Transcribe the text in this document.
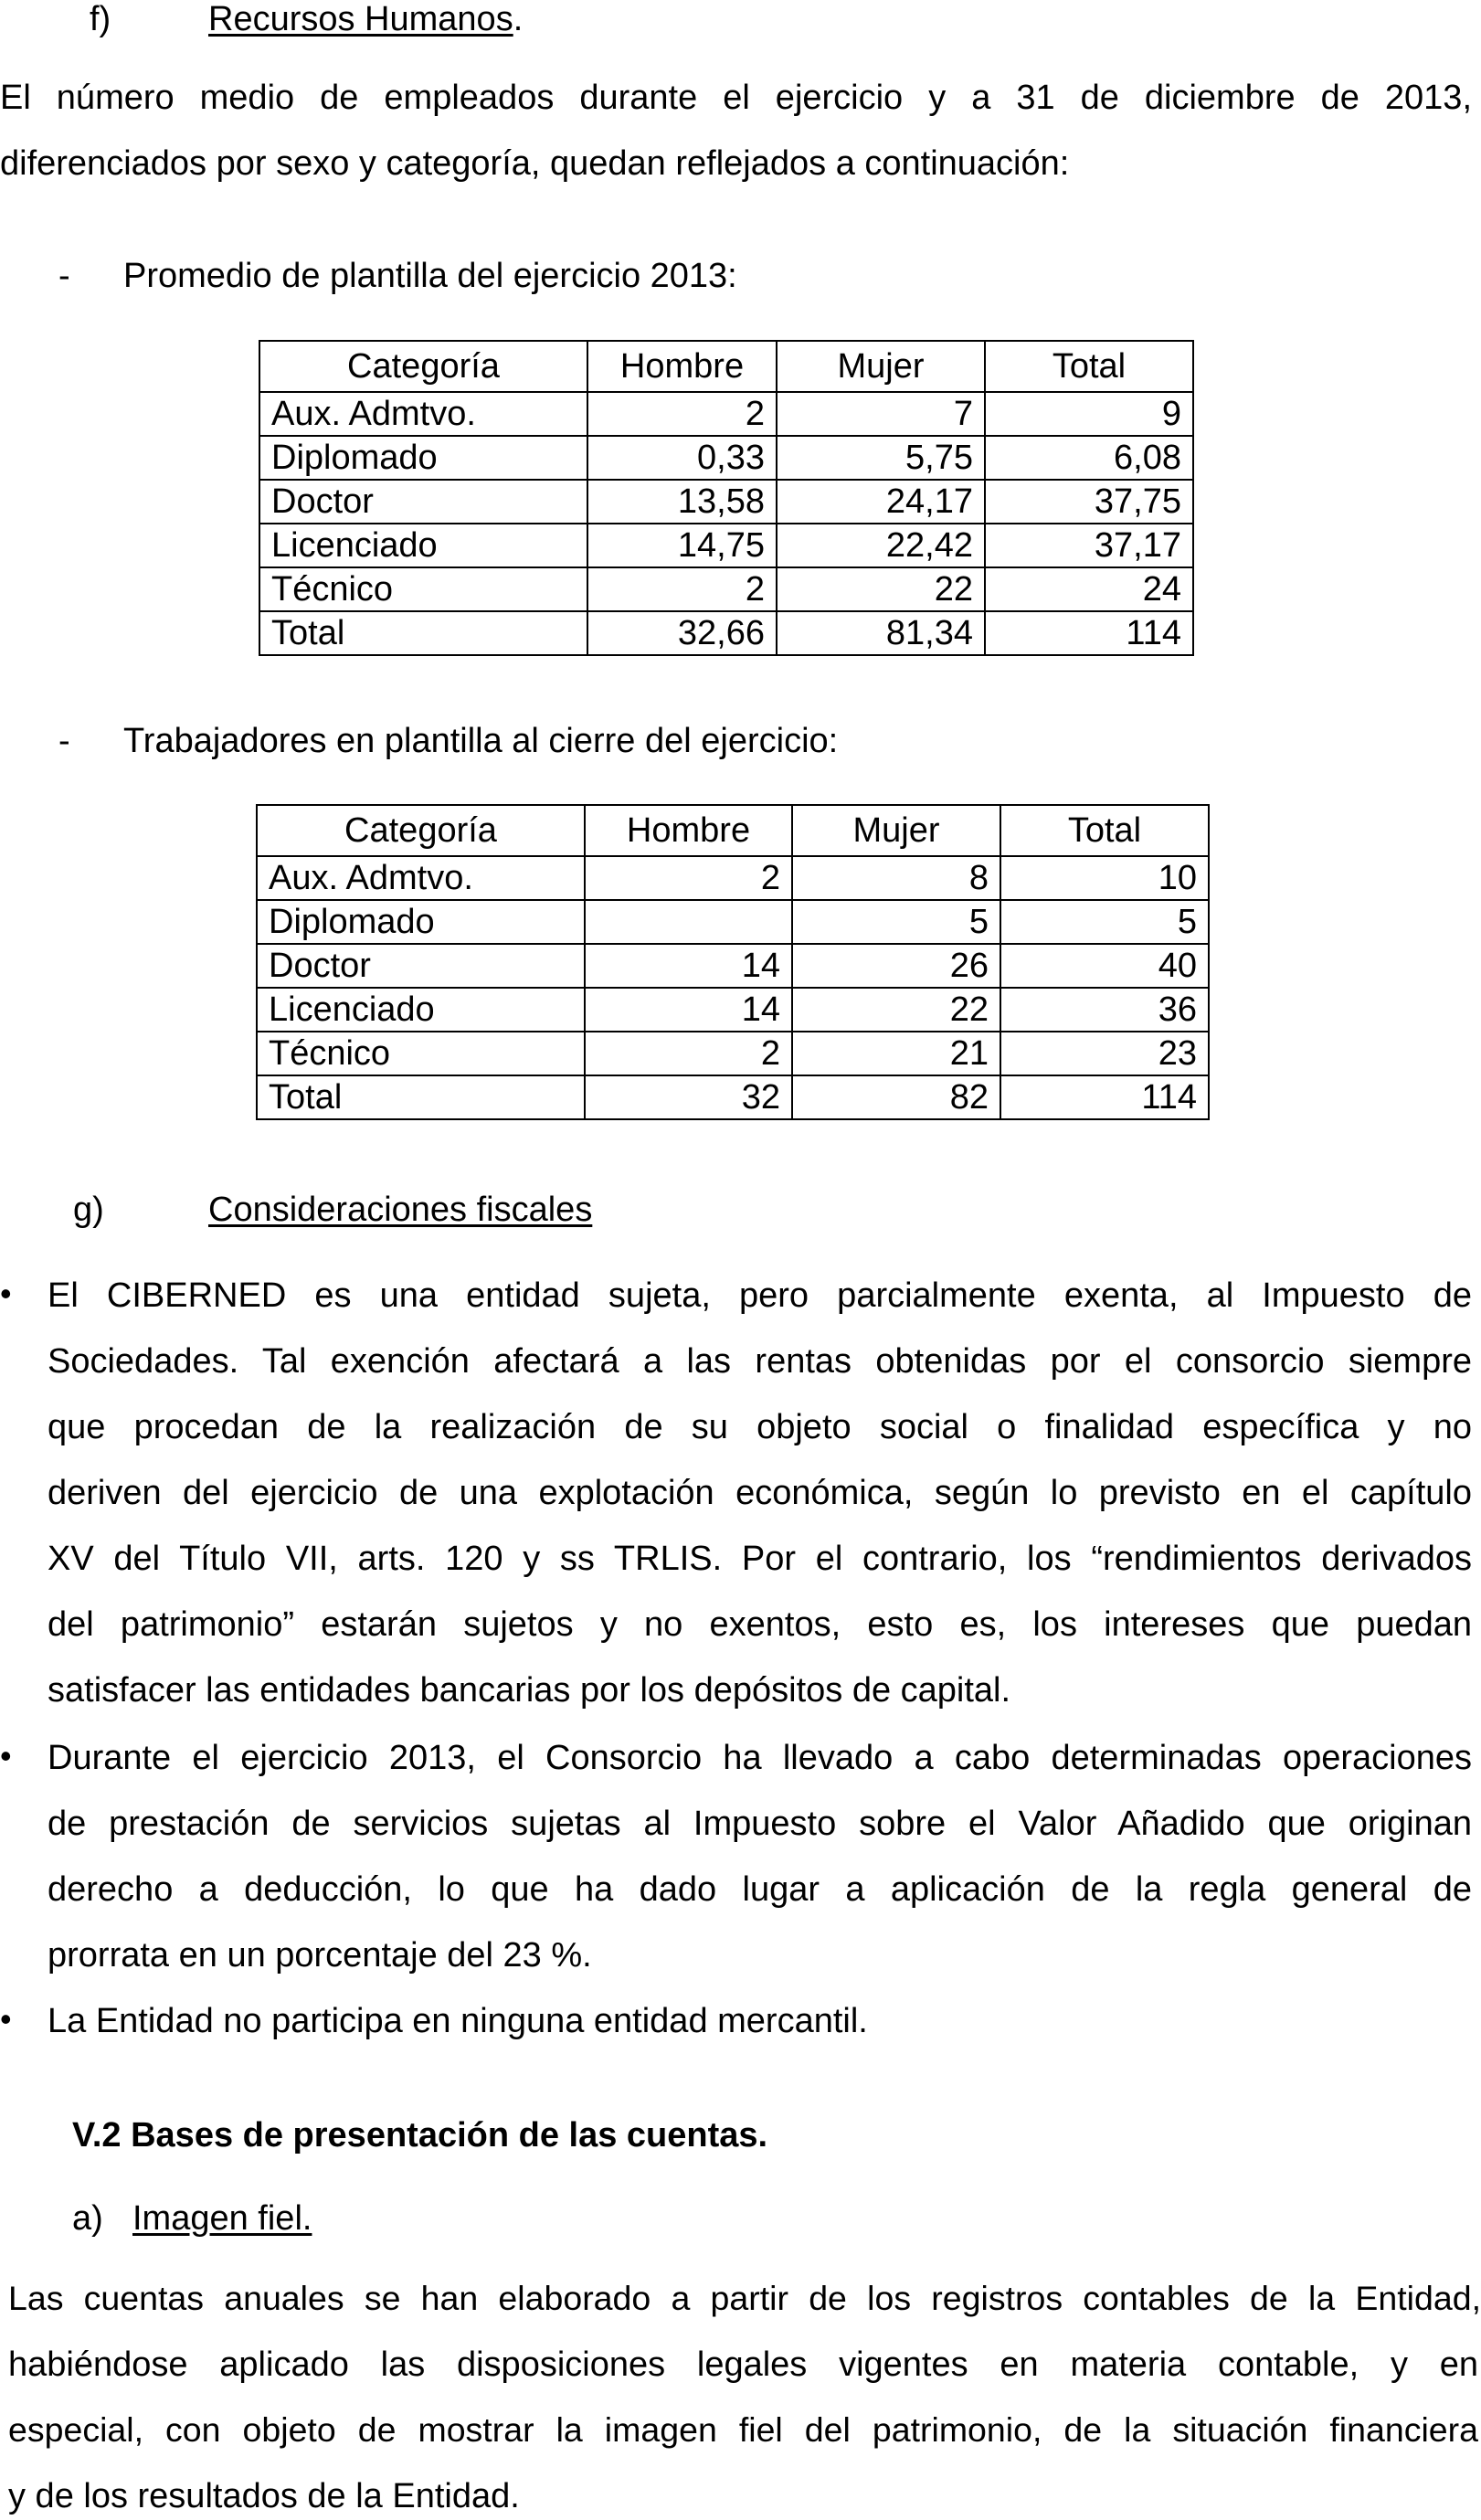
f)	Recursos Humanos.
El número medio de empleados durante el ejercicio y a 31 de diciembre de 2013,
diferenciados por sexo y categoría, quedan reflejados a continuación:
- Promedio de plantilla del ejercicio 2013:
Categoría	Hombre	Mujer	Total
Aux. Admtvo.	2	7	9
Diplomado	0,33	5,75	6,08
Doctor	13,58	24,17	37,75
Licenciado	14,75	22,42	37,17
Técnico	2	22	24
Total	32,66	81,34	114
- Trabajadores en plantilla al cierre del ejercicio:
Categoría	Hombre	Mujer	Total
Aux. Admtvo.	2	8	10
Diplomado		5	5
Doctor	14	26	40
Licenciado	14	22	36
Técnico	2	21	23
Total	32	82	114
g)	Consideraciones fiscales
• El CIBERNED es una entidad sujeta, pero parcialmente exenta, al Impuesto de
Sociedades. Tal exención afectará a las rentas obtenidas por el consorcio siempre
que procedan de la realización de su objeto social o finalidad específica y no
deriven del ejercicio de una explotación económica, según lo previsto en el capítulo
XV del Título VII, arts. 120 y ss TRLIS. Por el contrario, los “rendimientos derivados
del patrimonio” estarán sujetos y no exentos, esto es, los intereses que puedan
satisfacer las entidades bancarias por los depósitos de capital.
• Durante el ejercicio 2013, el Consorcio ha llevado a cabo determinadas operaciones
de prestación de servicios sujetas al Impuesto sobre el Valor Añadido que originan
derecho a deducción, lo que ha dado lugar a aplicación de la regla general de
prorrata en un porcentaje del 23 %.
• La Entidad no participa en ninguna entidad mercantil.
V.2 Bases de presentación de las cuentas.
a) Imagen fiel.
Las cuentas anuales se han elaborado a partir de los registros contables de la Entidad,
habiéndose aplicado las disposiciones legales vigentes en materia contable, y en
especial, con objeto de mostrar la imagen fiel del patrimonio, de la situación financiera
y de los resultados de la Entidad.
